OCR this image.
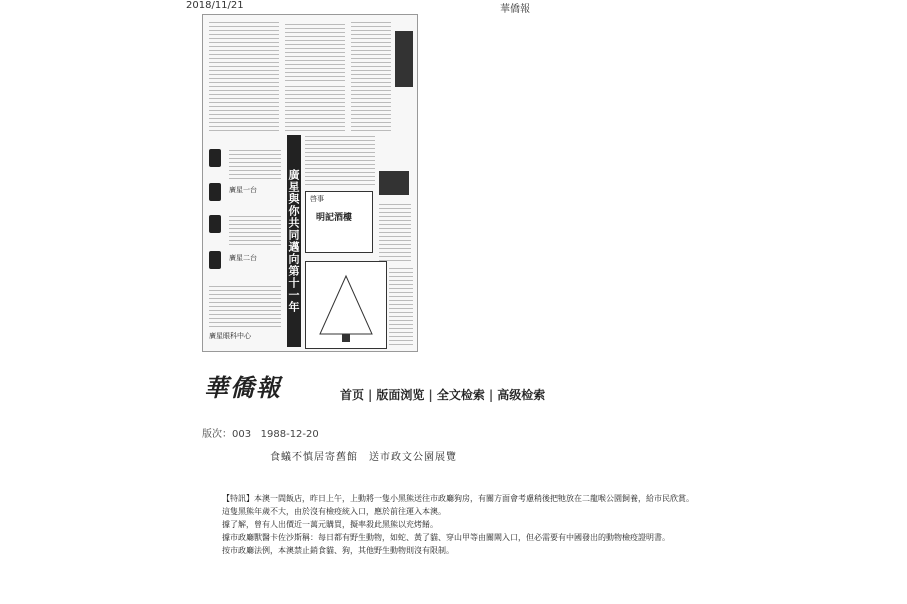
2018/11/21	華僑報
廣星一台
廣星二台
廣星眼科中心
廣星與你共同邁向第十一年 啓事
明記酒樓
華僑報	首页 | 版面浏览 | 全文检索 | 高级检索
版次：003 1988-12-20
食蟻不慎居寄舊館　送市政文公園展覽

【特訊】本澳一間飯店，昨日上午，上動將一隻小黑熊送往市政廳狗房，有關方面會考慮稍後把牠放在二龍喉公園飼養，給市民欣賞。

這隻黑熊年歲不大，由於沒有檢疫統入口，應於前往運入本澳。

據了解，曾有人出價近一萬元購買，擬率殺此黑熊以充烤餚。

據市政廳獸醫卡佐沙斯稱：每日都有野生動物，如蛇、黃了貓、穿山甲等由關閘入口，但必需要有中國發出的動物檢疫證明書。

按市政廳法例，本澳禁止銷食貓、狗，其他野生動物則沒有限制。
